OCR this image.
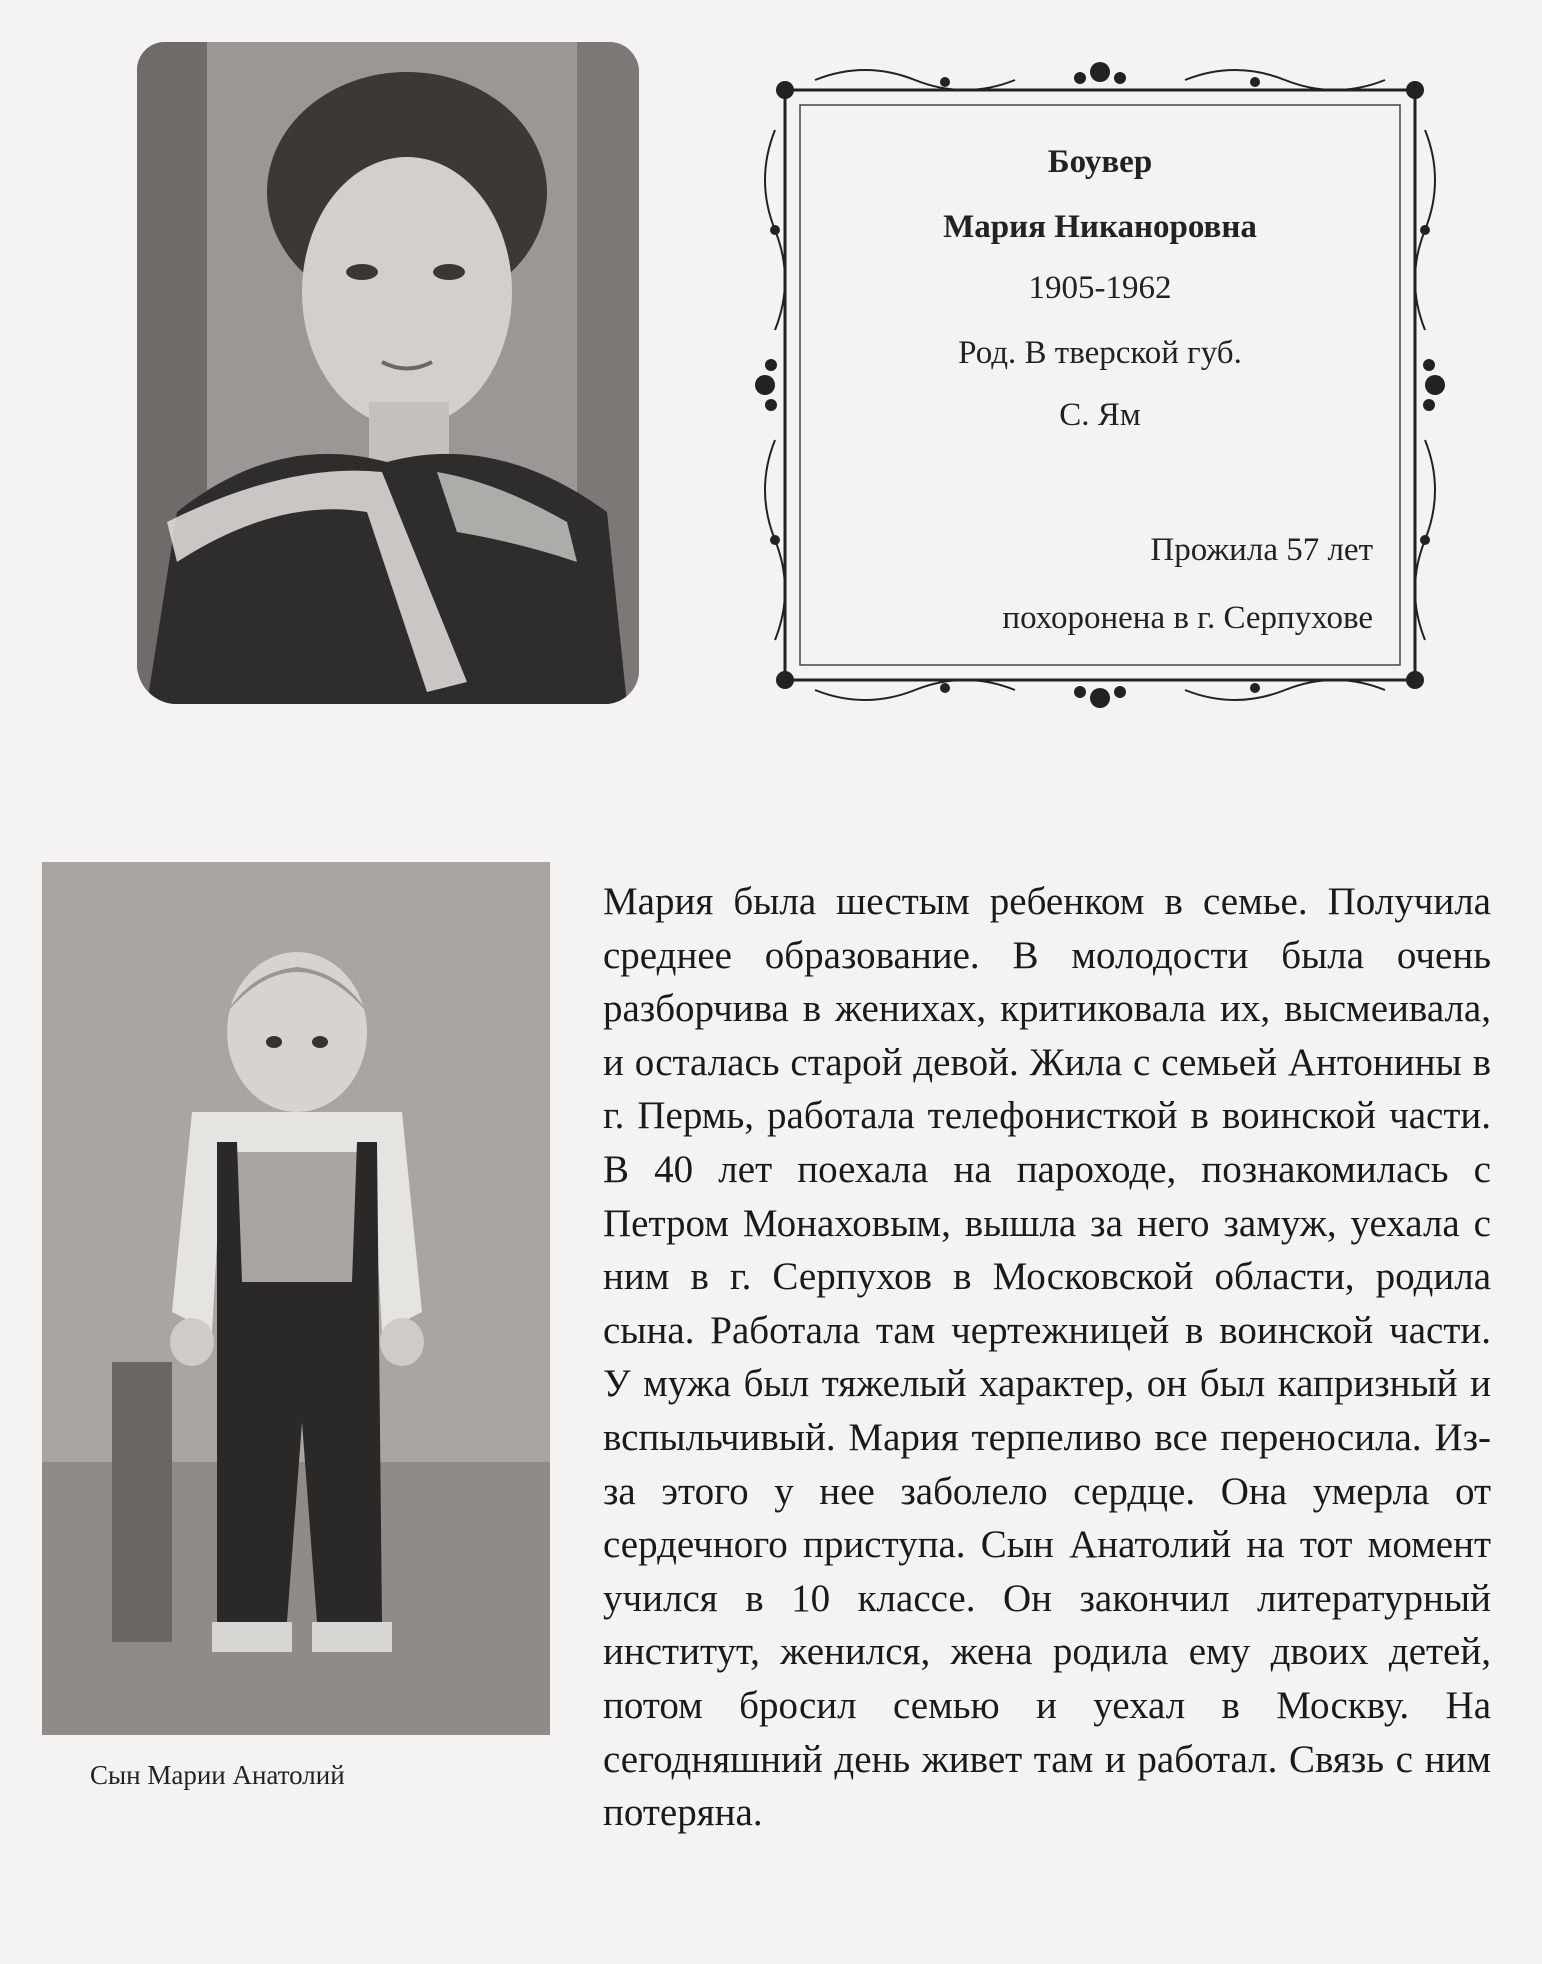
Боувер
Мария Никаноровна
1905-1962
Род. В тверской губ.
С. Ям
Прожила 57 лет
похоронена в г. Серпухове
Сын Марии Анатолий
Мария была шестым ребенком в семье. Получила среднее образование. В молодости была очень разборчива в женихах, критиковала их, высмеивала, и осталась старой девой. Жила с семьей Антонины в г. Пермь, работала телефонисткой в воинской части. В 40 лет поехала на пароходе, познакомилась с Петром Монаховым, вышла за него замуж, уехала с ним в г. Серпухов в Московской области, родила сына. Работала там чертежницей в воинской части. У мужа был тяжелый характер, он был капризный и вспыльчивый. Мария терпеливо все переносила. Из-за этого у нее заболело сердце. Она умерла от сердечного приступа. Сын Анатолий на тот момент учился в 10 классе. Он закончил литературный институт, женился, жена родила ему двоих детей, потом бросил семью и уехал в Москву. На сегодняшний день живет там и работал. Связь с ним потеряна.
